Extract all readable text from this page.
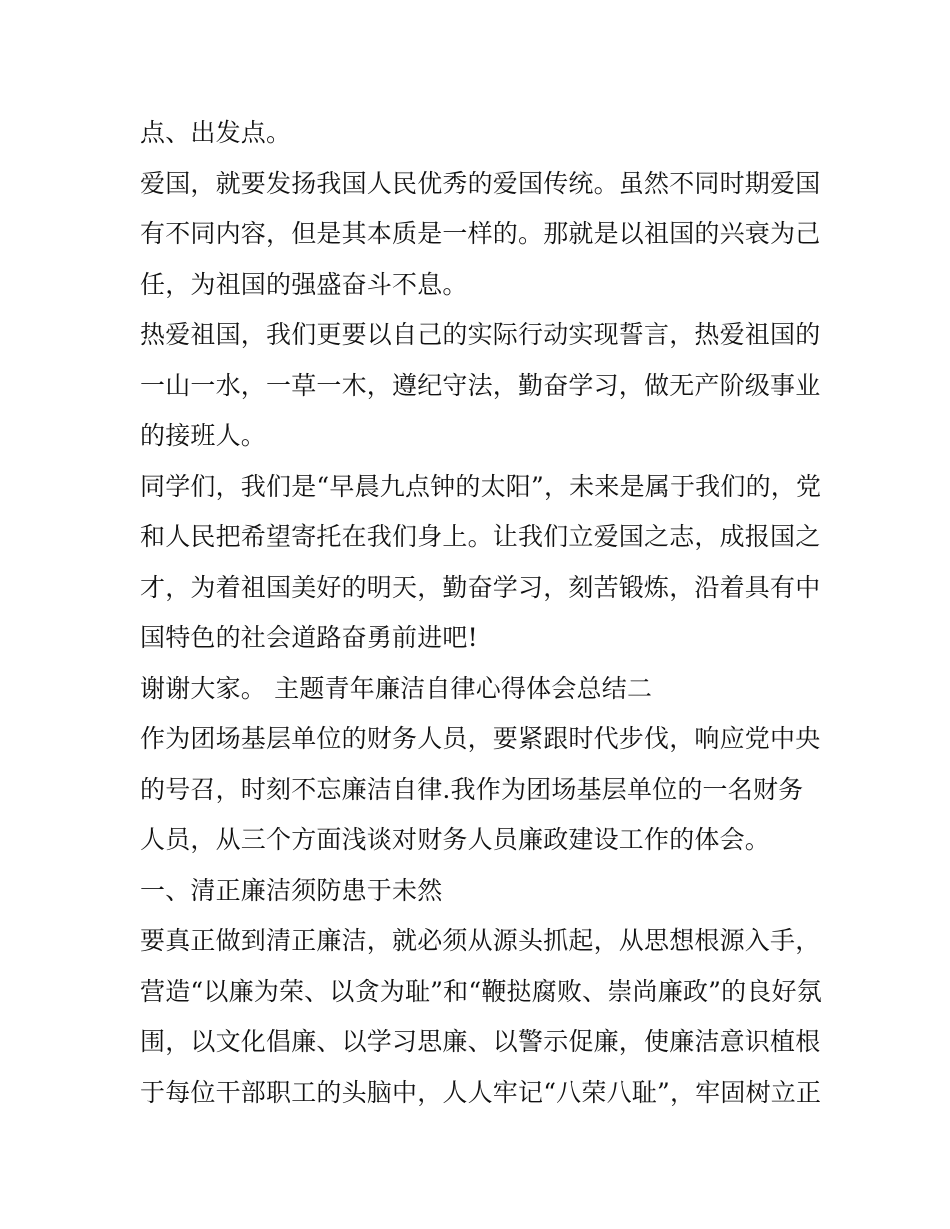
点、出发点。
爱国，就要发扬我国人民优秀的爱国传统。虽然不同时期爱国
有不同内容，但是其本质是一样的。那就是以祖国的兴衰为己
任，为祖国的强盛奋斗不息。
热爱祖国，我们更要以自己的实际行动实现誓言，热爱祖国的
一山一水，一草一木，遵纪守法，勤奋学习，做无产阶级事业
的接班人。
同学们，我们是“早晨九点钟的太阳”，未来是属于我们的，党
和人民把希望寄托在我们身上。让我们立爱国之志，成报国之
才，为着祖国美好的明天，勤奋学习，刻苦锻炼，沿着具有中
国特色的社会道路奋勇前进吧!
谢谢大家。 主题青年廉洁自律心得体会总结二
作为团场基层单位的财务人员，要紧跟时代步伐，响应党中央
的号召，时刻不忘廉洁自律.我作为团场基层单位的一名财务
人员，从三个方面浅谈对财务人员廉政建设工作的体会。
一、清正廉洁须防患于未然
要真正做到清正廉洁，就必须从源头抓起，从思想根源入手，
营造“以廉为荣、以贪为耻”和“鞭挞腐败、崇尚廉政”的良好氛
围，以文化倡廉、以学习思廉、以警示促廉，使廉洁意识植根
于每位干部职工的头脑中，人人牢记“八荣八耻”，牢固树立正
